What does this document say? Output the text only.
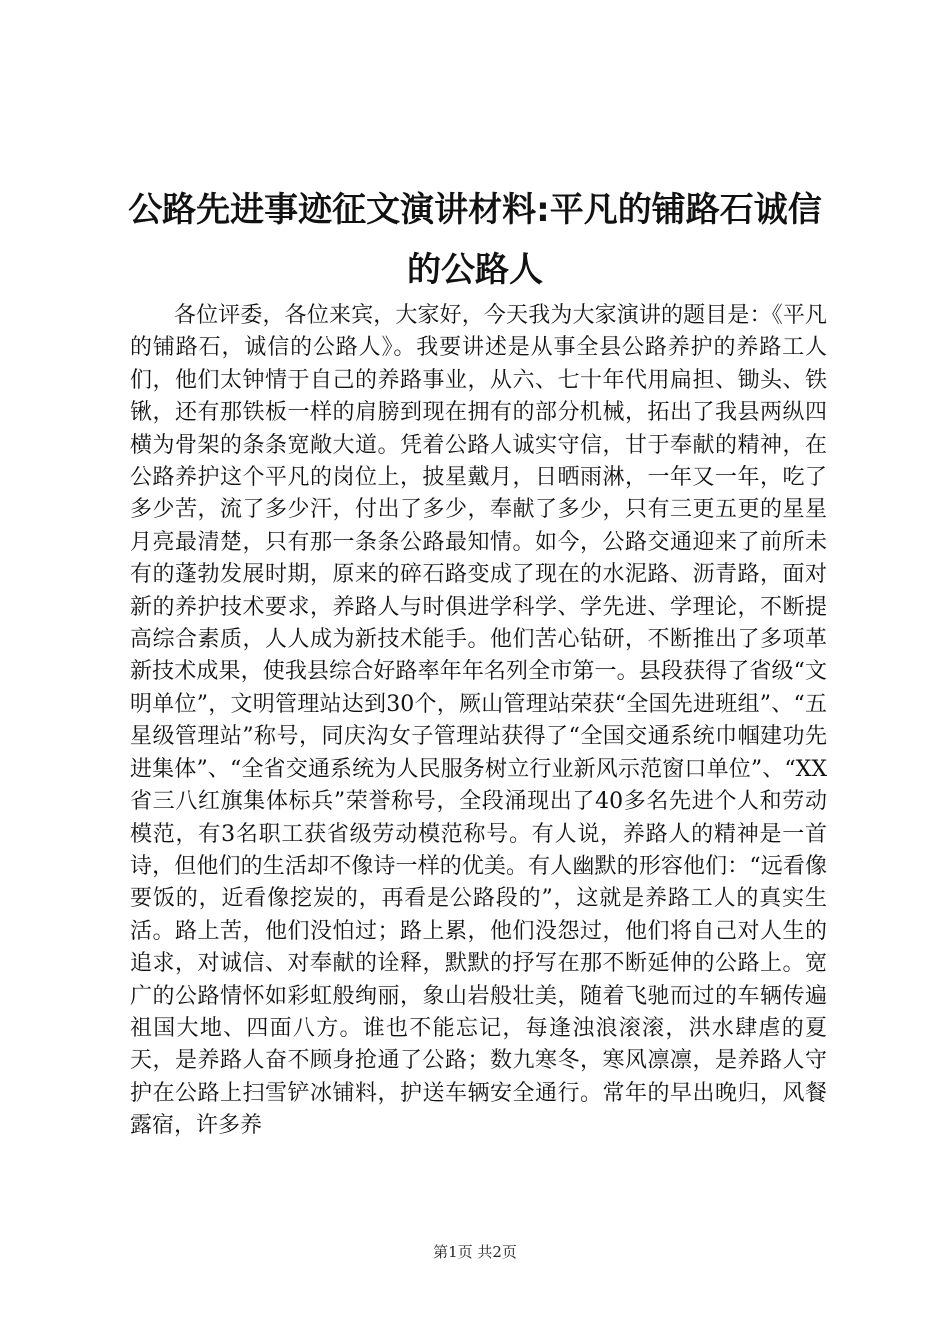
公路先进事迹征文演讲材料:平凡的铺路石诚信的公路人

各位评委，各位来宾，大家好，今天我为大家演讲的题目是：《平凡的铺路石，诚信的公路人》。我要讲述是从事全县公路养护的养路工人们，他们太钟情于自己的养路事业，从六、七十年代用扁担、锄头、铁锹，还有那铁板一样的肩膀到现在拥有的部分机械，拓出了我县两纵四横为骨架的条条宽敞大道。凭着公路人诚实守信，甘于奉献的精神，在公路养护这个平凡的岗位上，披星戴月，日晒雨淋，一年又一年，吃了多少苦，流了多少汗，付出了多少，奉献了多少，只有三更五更的星星月亮最清楚，只有那一条条公路最知情。如今，公路交通迎来了前所未有的蓬勃发展时期，原来的碎石路变成了现在的水泥路、沥青路，面对新的养护技术要求，养路人与时俱进学科学、学先进、学理论，不断提高综合素质，人人成为新技术能手。他们苦心钻研，不断推出了多项革新技术成果，使我县综合好路率年年名列全市第一。县段获得了省级“文明单位”，文明管理站达到30个，厥山管理站荣获“全国先进班组”、“五星级管理站”称号，同庆沟女子管理站获得了“全国交通系统巾帼建功先进集体”、“全省交通系统为人民服务树立行业新风示范窗口单位”、“XX省三八红旗集体标兵”荣誉称号，全段涌现出了40多名先进个人和劳动模范，有3名职工获省级劳动模范称号。有人说，养路人的精神是一首诗，但他们的生活却不像诗一样的优美。有人幽默的形容他们：“远看像要饭的，近看像挖炭的，再看是公路段的”，这就是养路工人的真实生活。路上苦，他们没怕过；路上累，他们没怨过，他们将自己对人生的追求，对诚信、对奉献的诠释，默默的抒写在那不断延伸的公路上。宽广的公路情怀如彩虹般绚丽，象山岩般壮美，随着飞驰而过的车辆传遍祖国大地、四面八方。谁也不能忘记，每逢浊浪滚滚，洪水肆虐的夏天，是养路人奋不顾身抢通了公路；数九寒冬，寒风凛凛，是养路人守护在公路上扫雪铲冰铺料，护送车辆安全通行。常年的早出晚归，风餐露宿，许多养

第1页 共2页
